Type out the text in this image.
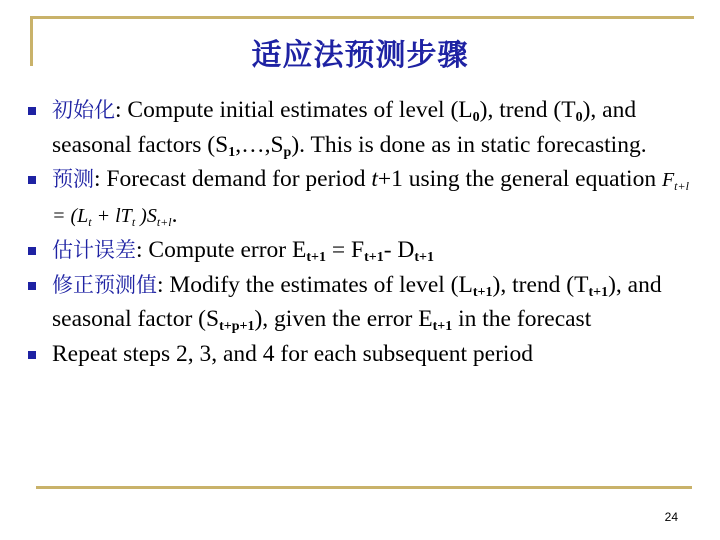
适应法预测步骤
初始化: Compute initial estimates of level $(L_0)$, trend $(T_0)$, and seasonal factors $(S_1,\dots,S_p)$. This is done as in static forecasting.
预测: Forecast demand for period t+1 using the general equation $F_{t+l} = (L_t + lT_t$ )$S_{t+l}$.
估计误差: Compute error $E_{t+1} = F_{t+1}-$ $D_{t+1}$
修正预测值: Modify the estimates of level $(L_{t+1})$, trend $(T_{t+1})$, and seasonal factor $(S_{t+p+1})$, given the error $E_{t+1}$ in the forecast
Repeat steps 2, 3, and 4 for each subsequent period
24
